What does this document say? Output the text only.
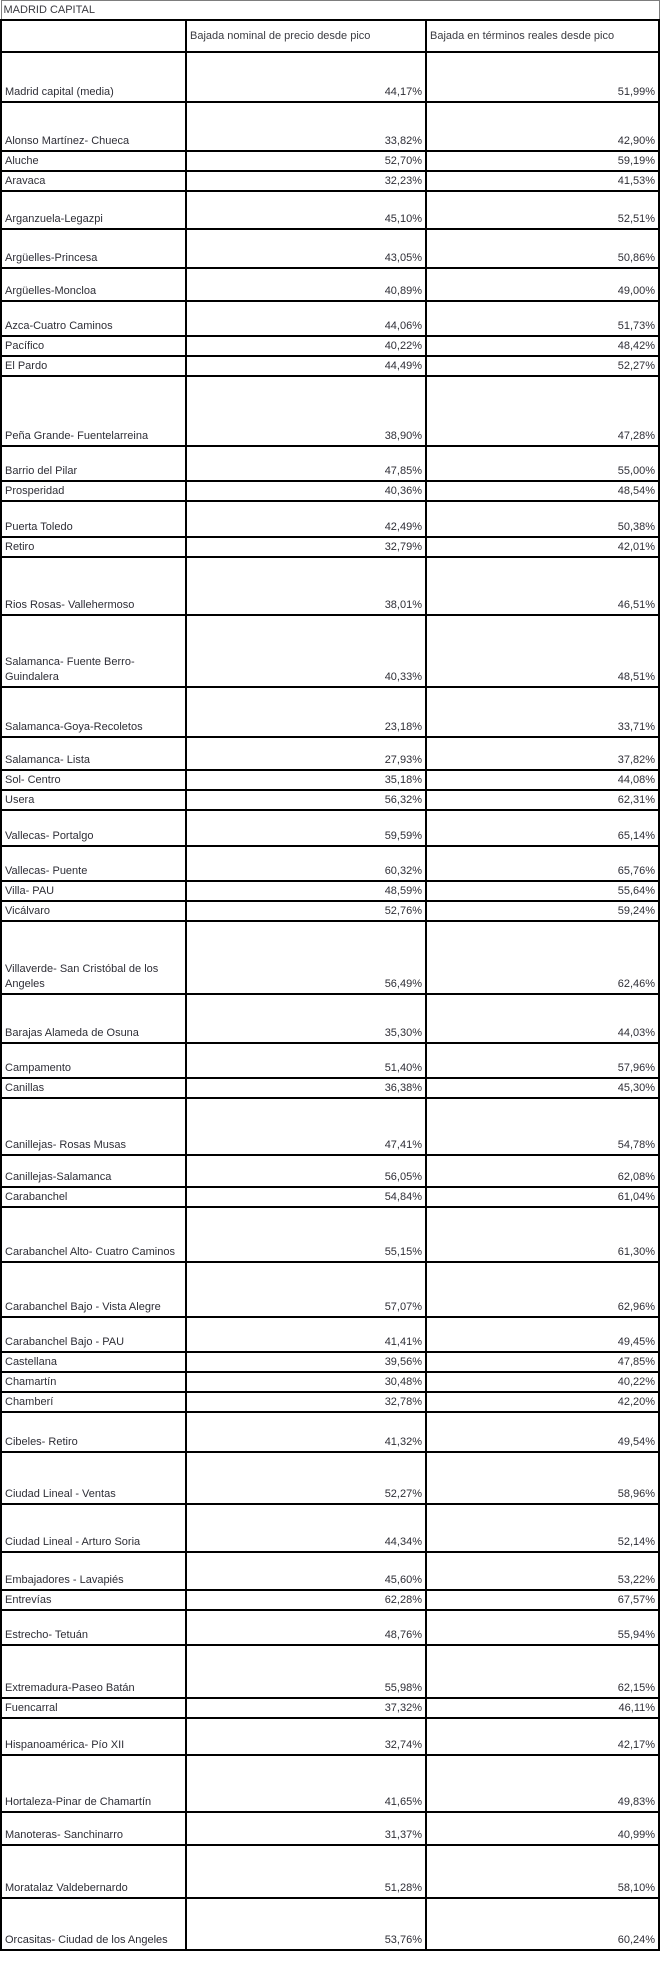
MADRID CAPITAL		
	Bajada nominal de precio desde pico	Bajada en términos reales desde pico
Madrid capital (media)	44,17%	51,99%
Alonso Martínez- Chueca	33,82%	42,90%
Aluche	52,70%	59,19%
Aravaca	32,23%	41,53%
Arganzuela-Legazpi	45,10%	52,51%
Argüelles-Princesa	43,05%	50,86%
Argüelles-Moncloa	40,89%	49,00%
Azca-Cuatro Caminos	44,06%	51,73%
Pacífico	40,22%	48,42%
El Pardo	44,49%	52,27%
Peña Grande- Fuentelarreina	38,90%	47,28%
Barrio del Pilar	47,85%	55,00%
Prosperidad	40,36%	48,54%
Puerta Toledo	42,49%	50,38%
Retiro	32,79%	42,01%
Rios Rosas- Vallehermoso	38,01%	46,51%
Salamanca- Fuente Berro- Guindalera	40,33%	48,51%
Salamanca-Goya-Recoletos	23,18%	33,71%
Salamanca- Lista	27,93%	37,82%
Sol- Centro	35,18%	44,08%
Usera	56,32%	62,31%
Vallecas- Portalgo	59,59%	65,14%
Vallecas- Puente	60,32%	65,76%
Villa- PAU	48,59%	55,64%
Vicálvaro	52,76%	59,24%
Villaverde- San Cristóbal de los Angeles	56,49%	62,46%
Barajas Alameda de Osuna	35,30%	44,03%
Campamento	51,40%	57,96%
Canillas	36,38%	45,30%
Canillejas- Rosas Musas	47,41%	54,78%
Canillejas-Salamanca	56,05%	62,08%
Carabanchel	54,84%	61,04%
Carabanchel Alto- Cuatro Caminos	55,15%	61,30%
Carabanchel Bajo - Vista Alegre	57,07%	62,96%
Carabanchel Bajo - PAU	41,41%	49,45%
Castellana	39,56%	47,85%
Chamartín	30,48%	40,22%
Chamberí	32,78%	42,20%
Cibeles- Retiro	41,32%	49,54%
Ciudad Lineal - Ventas	52,27%	58,96%
Ciudad Lineal - Arturo Soria	44,34%	52,14%
Embajadores - Lavapiés	45,60%	53,22%
Entrevías	62,28%	67,57%
Estrecho- Tetuán	48,76%	55,94%
Extremadura-Paseo Batán	55,98%	62,15%
Fuencarral	37,32%	46,11%
Hispanoamérica- Pío XII	32,74%	42,17%
Hortaleza-Pinar de Chamartín	41,65%	49,83%
Manoteras- Sanchinarro	31,37%	40,99%
Moratalaz Valdebernardo	51,28%	58,10%
Orcasitas- Ciudad de los Angeles	53,76%	60,24%
